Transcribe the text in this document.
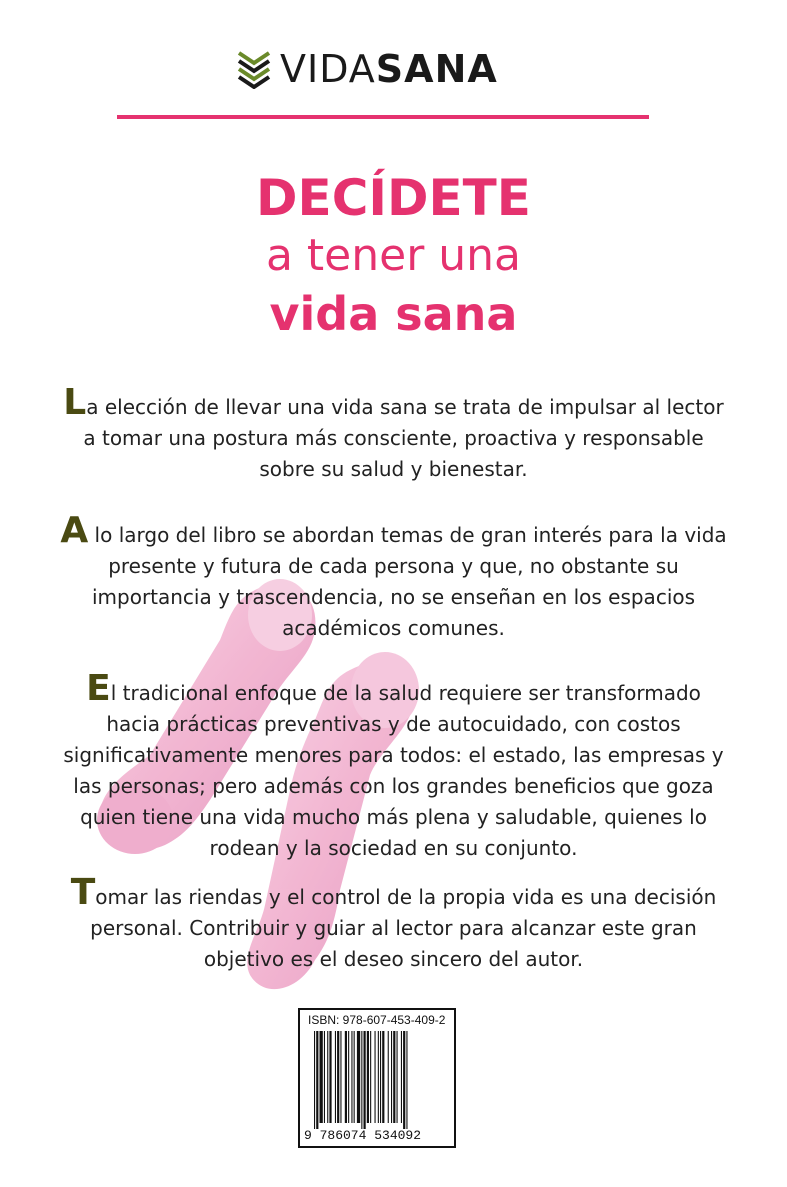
VIDASANA
DECÍDETE
a tener una
vida sana
La elección de llevar una vida sana se trata de impulsar al lector a tomar una postura más consciente, proactiva y responsable sobre su salud y bienestar.
A lo largo del libro se abordan temas de gran interés para la vida presente y futura de cada persona y que, no obstante su importancia y trascendencia, no se enseñan en los espacios académicos comunes.
El tradicional enfoque de la salud requiere ser transformado hacia prácticas preventivas y de autocuidado, con costos significativamente menores para todos: el estado, las empresas y las personas; pero además con los grandes beneficios que goza quien tiene una vida mucho más plena y saludable, quienes lo rodean y la sociedad en su conjunto.
Tomar las riendas y el control de la propia vida es una decisión personal. Contribuir y guiar al lector para alcanzar este gran objetivo es el deseo sincero del autor.
ISBN: 978-607-453-409-2
9 786074 534092
